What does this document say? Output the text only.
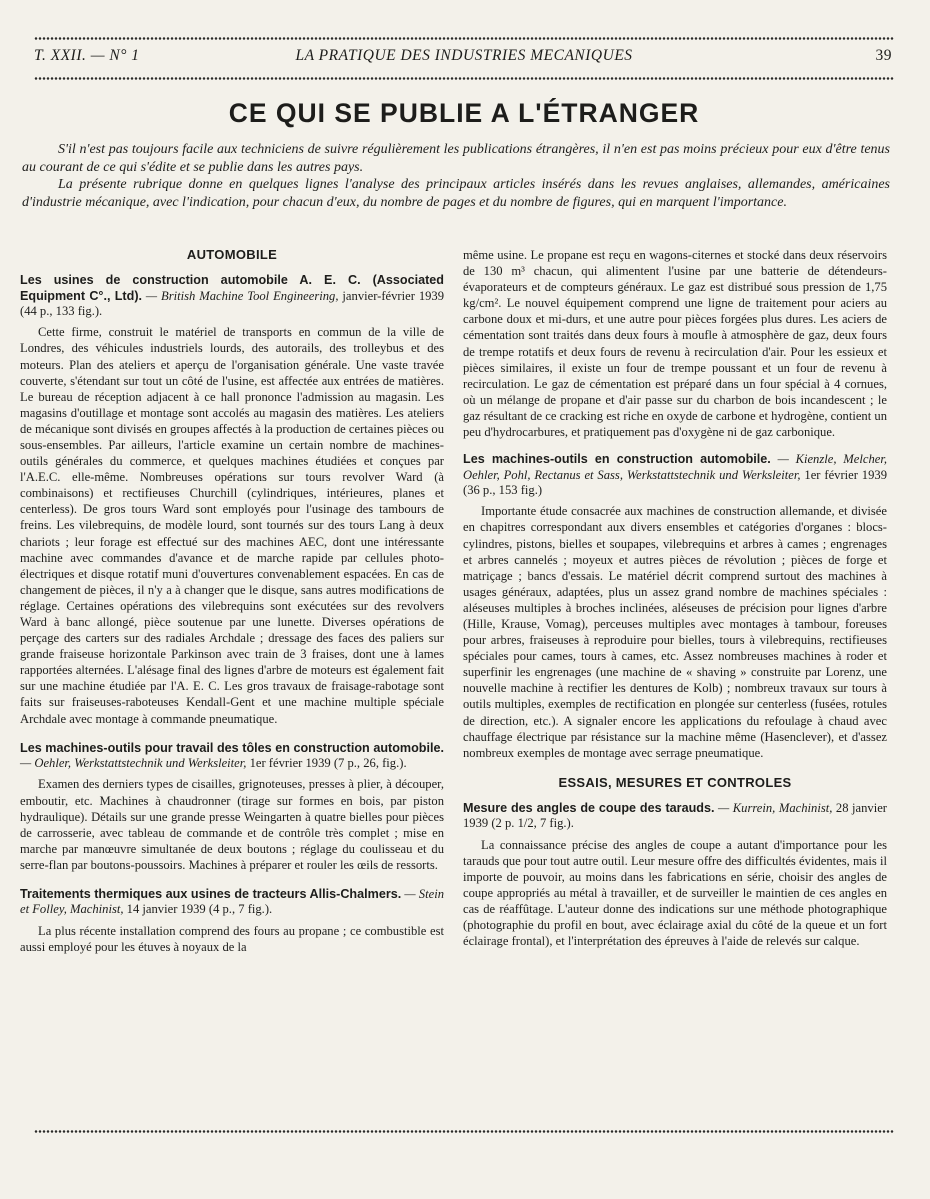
T. XXII. — N° 1	LA PRATIQUE DES INDUSTRIES MECANIQUES	39
CE QUI SE PUBLIE A L'ÉTRANGER

S'il n'est pas toujours facile aux techniciens de suivre régulièrement les publications étrangères, il n'en est pas moins précieux pour eux d'être tenus au courant de ce qui s'édite et se publie dans les autres pays.

La présente rubrique donne en quelques lignes l'analyse des principaux articles insérés dans les revues anglaises, allemandes, américaines d'industrie mécanique, avec l'indication, pour chacun d'eux, du nombre de pages et du nombre de figures, qui en marquent l'importance.

AUTOMOBILE

Les usines de construction automobile A. E. C. (Associated Equipment C°., Ltd). — British Machine Tool Engineering, janvier-février 1939 (44 p., 133 fig.).

Cette firme, construit le matériel de transports en commun de la ville de Londres, des véhicules industriels lourds, des autorails, des trolleybus et des moteurs. Plan des ateliers et aperçu de l'organisation générale. Une vaste travée couverte, s'étendant sur tout un côté de l'usine, est affectée aux entrées de matières. Le bureau de réception adjacent à ce hall prononce l'admission au magasin. Les magasins d'outillage et montage sont accolés au magasin des matières. Les ateliers de mécanique sont divisés en groupes affectés à la production de certaines pièces ou sous-ensembles. Par ailleurs, l'article examine un certain nombre de machines-outils générales du commerce, et quelques machines étudiées et conçues par l'A.E.C. elle-même. Nombreuses opérations sur tours revolver Ward (à combinaisons) et rectifieuses Churchill (cylindriques, intérieures, planes et centerless). De gros tours Ward sont employés pour l'usinage des tambours de freins. Les vilebrequins, de modèle lourd, sont tournés sur des tours Lang à deux chariots ; leur forage est effectué sur des machines AEC, dont une intéressante machine avec commandes d'avance et de marche rapide par cellules photo-électriques et disque rotatif muni d'ouvertures convenablement espacées. En cas de changement de pièces, il n'y a à changer que le disque, sans autres modifications de réglage. Certaines opérations des vilebrequins sont exécutées sur des revolvers Ward à banc allongé, pièce soutenue par une lunette. Diverses opérations de perçage des carters sur des radiales Archdale ; dressage des faces des paliers sur grande fraiseuse horizontale Parkinson avec train de 3 fraises, dont une à lames rapportées alternées. L'alésage final des lignes d'arbre de moteurs est également fait sur une machine étudiée par l'A. E. C. Les gros travaux de fraisage-rabotage sont faits sur fraiseuses-raboteuses Kendall-Gent et une machine multiple spéciale Archdale avec montage à commande pneumatique.

Les machines-outils pour travail des tôles en construction automobile. — Oehler, Werkstattstechnik und Werksleiter, 1er février 1939 (7 p., 26, fig.).

Examen des derniers types de cisailles, grignoteuses, presses à plier, à découper, emboutir, etc. Machines à chaudronner (tirage sur formes en bois, par piston hydraulique). Détails sur une grande presse Weingarten à quatre bielles pour pièces de carrosserie, avec tableau de commande et de contrôle très complet ; mise en marche par manœuvre simultanée de deux boutons ; réglage du coulisseau et du serre-flan par boutons-poussoirs. Machines à préparer et rouler les œils de ressorts.

Traitements thermiques aux usines de tracteurs Allis-Chalmers. — Stein et Folley, Machinist, 14 janvier 1939 (4 p., 7 fig.).

La plus récente installation comprend des fours au propane ; ce combustible est aussi employé pour les étuves à noyaux de la

même usine. Le propane est reçu en wagons-citernes et stocké dans deux réservoirs de 130 m³ chacun, qui alimentent l'usine par une batterie de détendeurs-évaporateurs et de compteurs généraux. Le gaz est distribué sous pression de 1,75 kg/cm². Le nouvel équipement comprend une ligne de traitement pour aciers au carbone doux et mi-durs, et une autre pour pièces forgées plus dures. Les aciers de cémentation sont traités dans deux fours à moufle à atmosphère de gaz, deux fours de trempe rotatifs et deux fours de revenu à recirculation d'air. Pour les essieux et pièces similaires, il existe un four de trempe poussant et un four de revenu à recirculation. Le gaz de cémentation est préparé dans un four spécial à 4 cornues, où un mélange de propane et d'air passe sur du charbon de bois incandescent ; le gaz résultant de ce cracking est riche en oxyde de carbone et hydrogène, contient un peu d'hydrocarbures, et pratiquement pas d'oxygène ni de gaz carbonique.

Les machines-outils en construction automobile. — Kienzle, Melcher, Oehler, Pohl, Rectanus et Sass, Werkstattstechnik und Werksleiter, 1er février 1939 (36 p., 153 fig.)

Importante étude consacrée aux machines de construction allemande, et divisée en chapitres correspondant aux divers ensembles et catégories d'organes : blocs-cylindres, pistons, bielles et soupapes, vilebrequins et arbres à cames ; engrenages et arbres cannelés ; moyeux et autres pièces de révolution ; pièces de forge et matriçage ; bancs d'essais. Le matériel décrit comprend surtout des machines à usages généraux, adaptées, plus un assez grand nombre de machines spéciales : aléseuses multiples à broches inclinées, aléseuses de précision pour lignes d'arbre (Hille, Krause, Vomag), perceuses multiples avec montages à tambour, foreuses pour arbres, fraiseuses à reproduire pour bielles, tours à vilebrequins, rectifieuses spéciales pour cames, tours à cames, etc. Assez nombreuses machines à roder et superfinir les engrenages (une machine de « shaving » construite par Lorenz, une nouvelle machine à rectifier les dentures de Kolb) ; nombreux travaux sur tours à outils multiples, exemples de rectification en plongée sur centerless (fusées, rotules de direction, etc.). A signaler encore les applications du refoulage à chaud avec chauffage électrique par résistance sur la machine même (Hasenclever), et d'assez nombreux exemples de montage avec serrage pneumatique.

ESSAIS, MESURES ET CONTROLES

Mesure des angles de coupe des tarauds. — Kurrein, Machinist, 28 janvier 1939 (2 p. 1/2, 7 fig.).

La connaissance précise des angles de coupe a autant d'importance pour les tarauds que pour tout autre outil. Leur mesure offre des difficultés évidentes, mais il importe de pouvoir, au moins dans les fabrications en série, choisir des angles de coupe appropriés au métal à travailler, et de surveiller le maintien de ces angles en cas de réaffûtage. L'auteur donne des indications sur une méthode photographique (photographie du profil en bout, avec éclairage axial du côté de la queue et un fort éclairage frontal), et l'interprétation des épreuves à l'aide de relevés sur calque.
